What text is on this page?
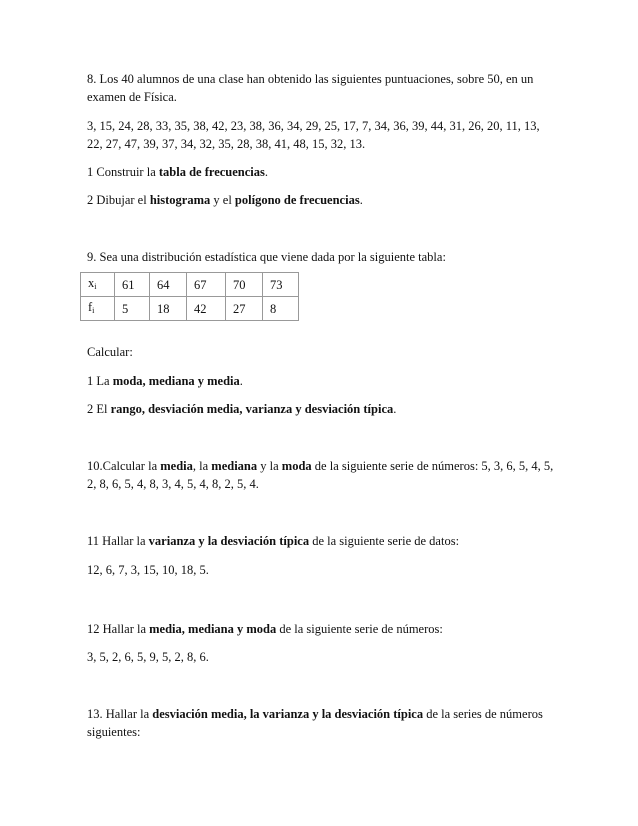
8. Los 40 alumnos de una clase han obtenido las siguientes puntuaciones, sobre 50, en un examen de Física.

3, 15, 24, 28, 33, 35, 38, 42, 23, 38, 36, 34, 29, 25, 17, 7, 34, 36, 39, 44, 31, 26, 20, 11, 13, 22, 27, 47, 39, 37, 34, 32, 35, 28, 38, 41, 48, 15, 32, 13.

1 Construir la tabla de frecuencias.

2 Dibujar el histograma y el polígono de frecuencias.

9. Sea una distribución estadística que viene dada por la siguiente tabla:

$x_i$	61	64	67	70	73
$f_i$	5	18	42	27	8

Calcular:

1 La moda, mediana y media.

2 El rango, desviación media, varianza y desviación típica.

10.Calcular la media, la mediana y la moda de la siguiente serie de números: 5, 3, 6, 5, 4, 5, 2, 8, 6, 5, 4, 8, 3, 4, 5, 4, 8, 2, 5, 4.

11 Hallar la varianza y la desviación típica de la siguiente serie de datos:

12, 6, 7, 3, 15, 10, 18, 5.

12 Hallar la media, mediana y moda de la siguiente serie de números:

3, 5, 2, 6, 5, 9, 5, 2, 8, 6.

13. Hallar la desviación media, la varianza y la desviación típica de la series de números siguientes:
